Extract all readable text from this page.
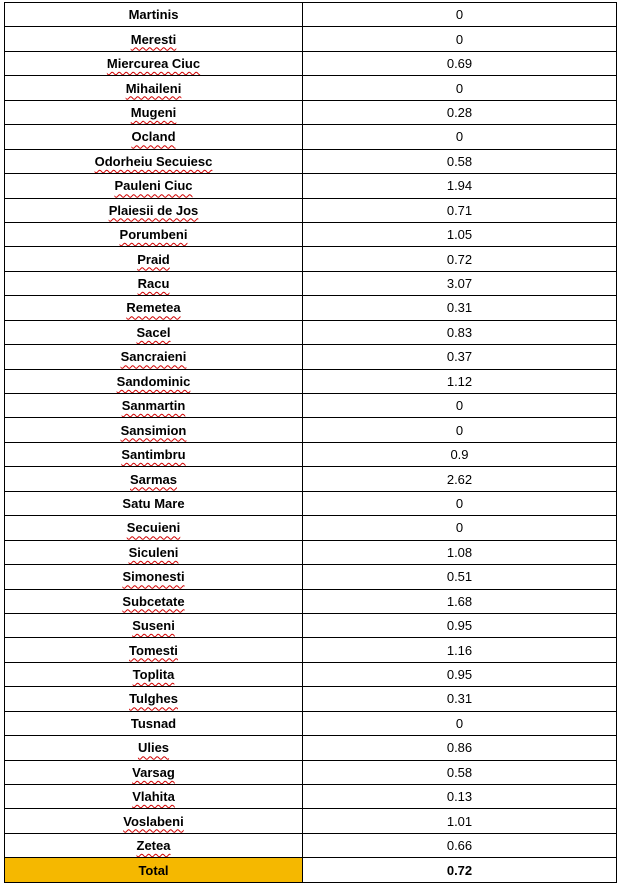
Martinis	0
Meresti	0
Miercurea Ciuc	0.69
Mihaileni	0
Mugeni	0.28
Ocland	0
Odorheiu Secuiesc	0.58
Pauleni Ciuc	1.94
Plaiesii de Jos	0.71
Porumbeni	1.05
Praid	0.72
Racu	3.07
Remetea	0.31
Sacel	0.83
Sancraieni	0.37
Sandominic	1.12
Sanmartin	0
Sansimion	0
Santimbru	0.9
Sarmas	2.62
Satu Mare	0
Secuieni	0
Siculeni	1.08
Simonesti	0.51
Subcetate	1.68
Suseni	0.95
Tomesti	1.16
Toplita	0.95
Tulghes	0.31
Tusnad	0
Ulies	0.86
Varsag	0.58
Vlahita	0.13
Voslabeni	1.01
Zetea	0.66
Total	0.72
